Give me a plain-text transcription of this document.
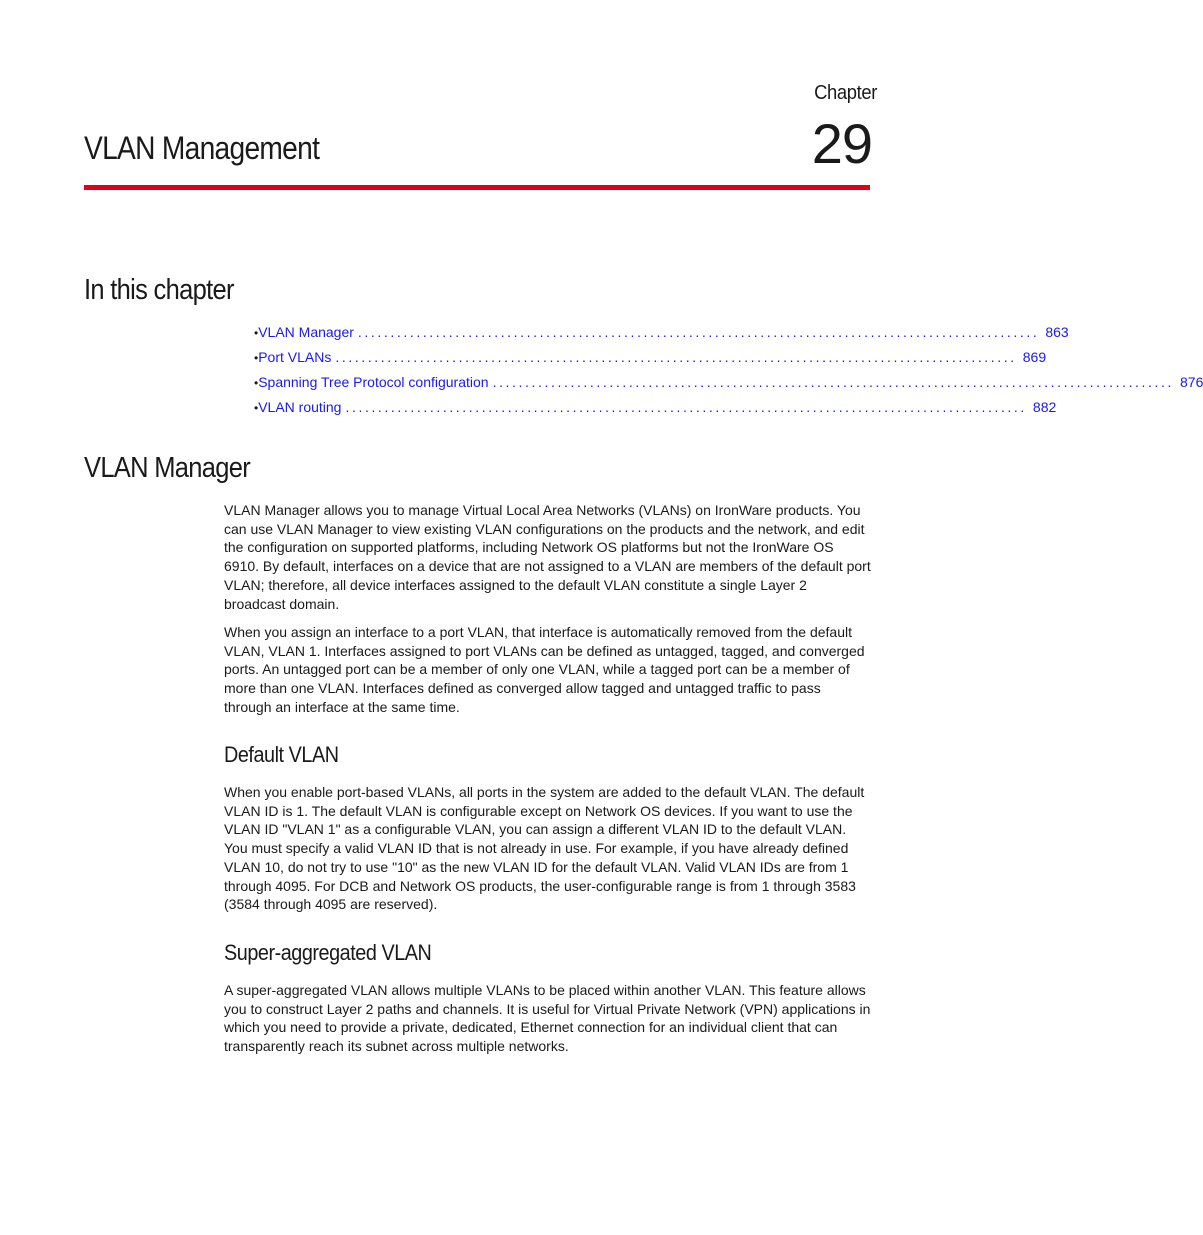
Chapter
29
VLAN Management
In this chapter
• VLAN Manager ......................................................................................................... 863
• Port VLANs ......................................................................................................... 869
• Spanning Tree Protocol configuration ......................................................................................................... 876
• VLAN routing ......................................................................................................... 882
VLAN Manager

VLAN Manager allows you to manage Virtual Local Area Networks (VLANs) on IronWare products. You can use VLAN Manager to view existing VLAN configurations on the products and the network, and edit the configuration on supported platforms, including Network OS platforms but not the IronWare OS 6910. By default, interfaces on a device that are not assigned to a VLAN are members of the default port VLAN; therefore, all device interfaces assigned to the default VLAN constitute a single Layer 2 broadcast domain.

When you assign an interface to a port VLAN, that interface is automatically removed from the default VLAN, VLAN 1. Interfaces assigned to port VLANs can be defined as untagged, tagged, and converged ports. An untagged port can be a member of only one VLAN, while a tagged port can be a member of more than one VLAN. Interfaces defined as converged allow tagged and untagged traffic to pass through an interface at the same time.

Default VLAN

When you enable port-based VLANs, all ports in the system are added to the default VLAN. The default VLAN ID is 1. The default VLAN is configurable except on Network OS devices. If you want to use the VLAN ID "VLAN 1" as a configurable VLAN, you can assign a different VLAN ID to the default VLAN. You must specify a valid VLAN ID that is not already in use. For example, if you have already defined VLAN 10, do not try to use "10" as the new VLAN ID for the default VLAN. Valid VLAN IDs are from 1 through 4095. For DCB and Network OS products, the user-configurable range is from 1 through 3583 (3584 through 4095 are reserved).

Super-aggregated VLAN

A super-aggregated VLAN allows multiple VLANs to be placed within another VLAN. This feature allows you to construct Layer 2 paths and channels. It is useful for Virtual Private Network (VPN) applications in which you need to provide a private, dedicated, Ethernet connection for an individual client that can transparently reach its subnet across multiple networks.
